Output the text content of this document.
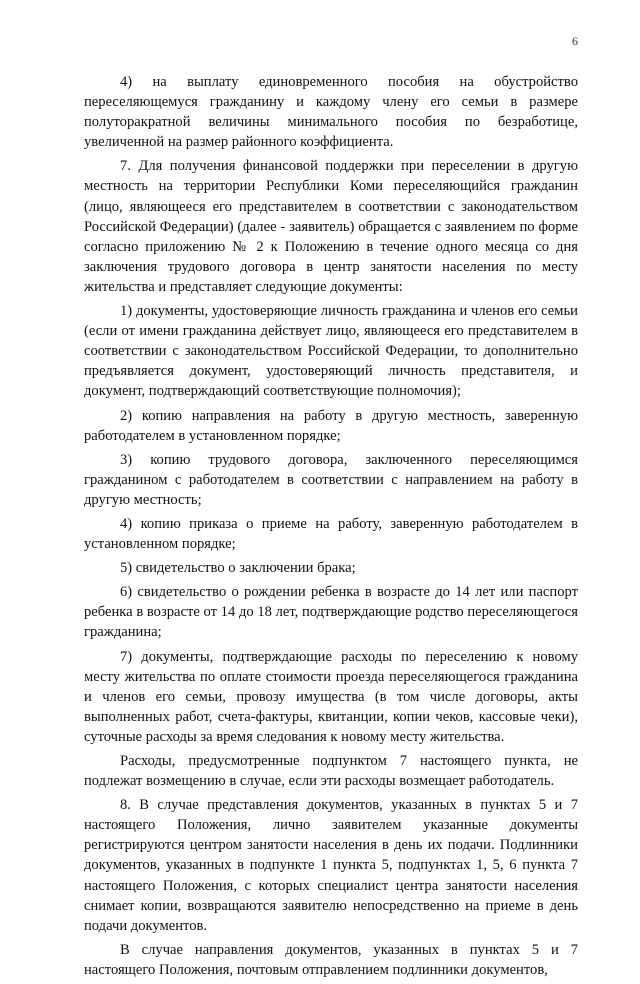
6

4) на выплату единовременного пособия на обустройство переселяющемуся гражданину и каждому члену его семьи в размере полуторакратной величины минимального пособия по безработице, увеличенной на размер районного коэффициента.

7. Для получения финансовой поддержки при переселении в другую местность на территории Республики Коми переселяющийся гражданин (лицо, являющееся его представителем в соответствии с законодательством Российской Федерации) (далее - заявитель) обращается с заявлением по форме согласно приложению № 2 к Положению в течение одного месяца со дня заключения трудового договора в центр занятости населения по месту жительства и представляет следующие документы:

1) документы, удостоверяющие личность гражданина и членов его семьи (если от имени гражданина действует лицо, являющееся его представителем в соответствии с законодательством Российской Федерации, то дополнительно предъявляется документ, удостоверяющий личность представителя, и документ, подтверждающий соответствующие полномочия);

2) копию направления на работу в другую местность, заверенную работодателем в установленном порядке;

3) копию трудового договора, заключенного переселяющимся гражданином с работодателем в соответствии с направлением на работу в другую местность;

4) копию приказа о приеме на работу, заверенную работодателем в установленном порядке;

5) свидетельство о заключении брака;

6) свидетельство о рождении ребенка в возрасте до 14 лет или паспорт ребенка в возрасте от 14 до 18 лет, подтверждающие родство переселяющегося гражданина;

7) документы, подтверждающие расходы по переселению к новому месту жительства по оплате стоимости проезда переселяющегося гражданина и членов его семьи, провозу имущества (в том числе договоры, акты выполненных работ, счета-фактуры, квитанции, копии чеков, кассовые чеки), суточные расходы за время следования к новому месту жительства.

Расходы, предусмотренные подпунктом 7 настоящего пункта, не подлежат возмещению в случае, если эти расходы возмещает работодатель.

8. В случае представления документов, указанных в пунктах 5 и 7 настоящего Положения, лично заявителем указанные документы регистрируются центром занятости населения в день их подачи. Подлинники документов, указанных в подпункте 1 пункта 5, подпунктах 1, 5, 6 пункта 7 настоящего Положения, с которых специалист центра занятости населения снимает копии, возвращаются заявителю непосредственно на приеме в день подачи документов.

В случае направления документов, указанных в пунктах 5 и 7 настоящего Положения, почтовым отправлением подлинники документов,
